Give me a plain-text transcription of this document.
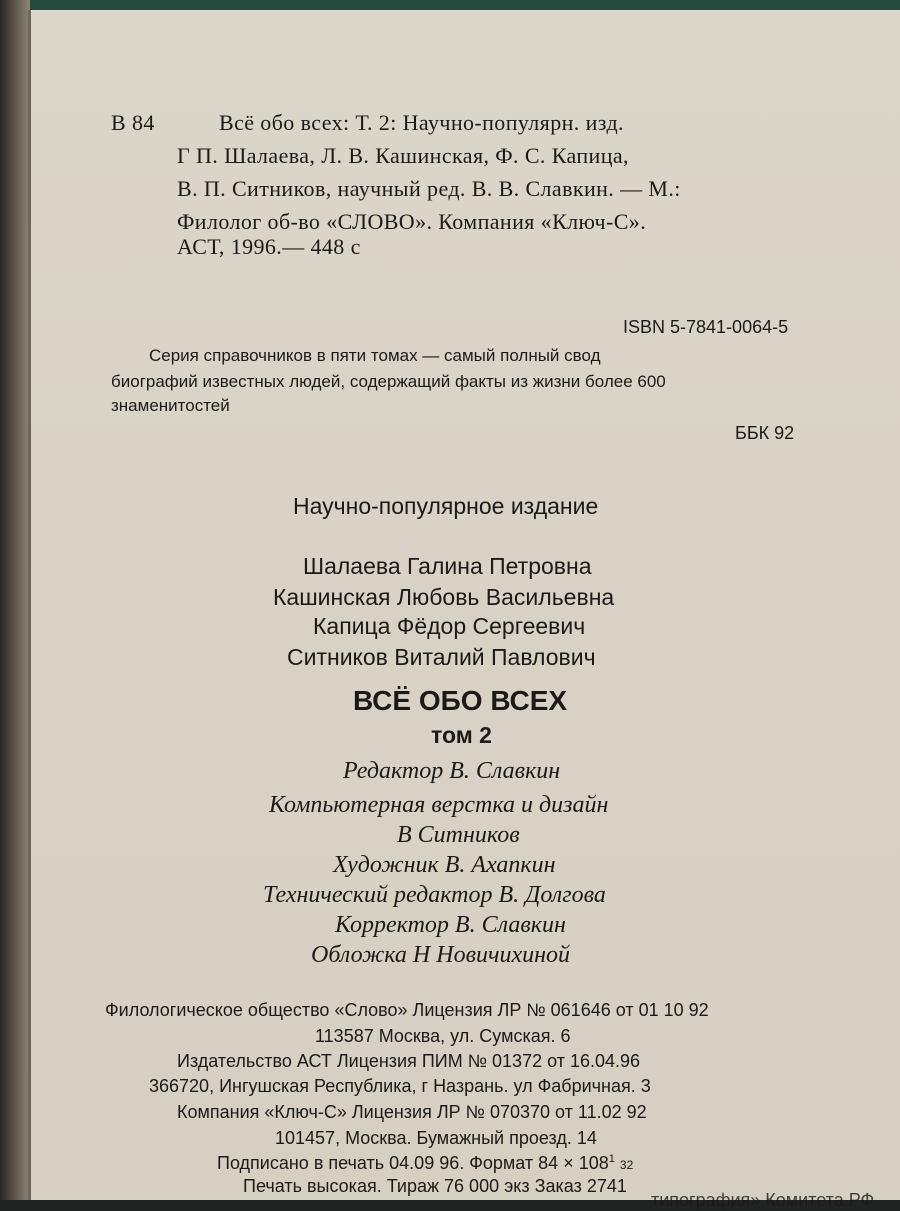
В 84	Всё обо всех: Т. 2: Научно-популярн. изд.
Г П. Шалаева, Л. В. Кашинская, Ф. С. Капица,
В. П. Ситников, научный ред. В. В. Славкин. — М.:
Филолог об-во «СЛОВО». Компания «Ключ-С».
АСТ, 1996.— 448 с
ISBN 5-7841-0064-5
Серия справочников в пяти томах — самый полный свод
биографий известных людей, содержащий факты из жизни более 600
знаменитостей
ББК 92
Научно-популярное издание
Шалаева Галина Петровна
Кашинская Любовь Васильевна
Капица Фёдор Сергеевич
Ситников Виталий Павлович
ВСЁ ОБО ВСЕХ
том 2
Редактор В. Славкин
Компьютерная верстка и дизайн
В Ситников
Художник В. Ахапкин
Технический редактор В. Долгова
Корректор В. Славкин
Обложка Н Новичихиной
Филологическое общество «Слово» Лицензия ЛР № 061646 от 01 10 92
113587 Москва, ул. Сумская. 6
Издательство АСТ Лицензия ПИМ № 01372 от 16.04.96
366720, Ингушская Республика, г Назрань. ул Фабричная. 3
Компания «Ключ-С» Лицензия ЛР № 070370 от 11.02 92
101457, Москва. Бумажный проезд. 14
Подписано в печать 04.09 96. Формат $84 \times 108^1$ 32
Печать высокая. Тираж 76 000 экз Заказ 2741
типография» Комитета РФ
